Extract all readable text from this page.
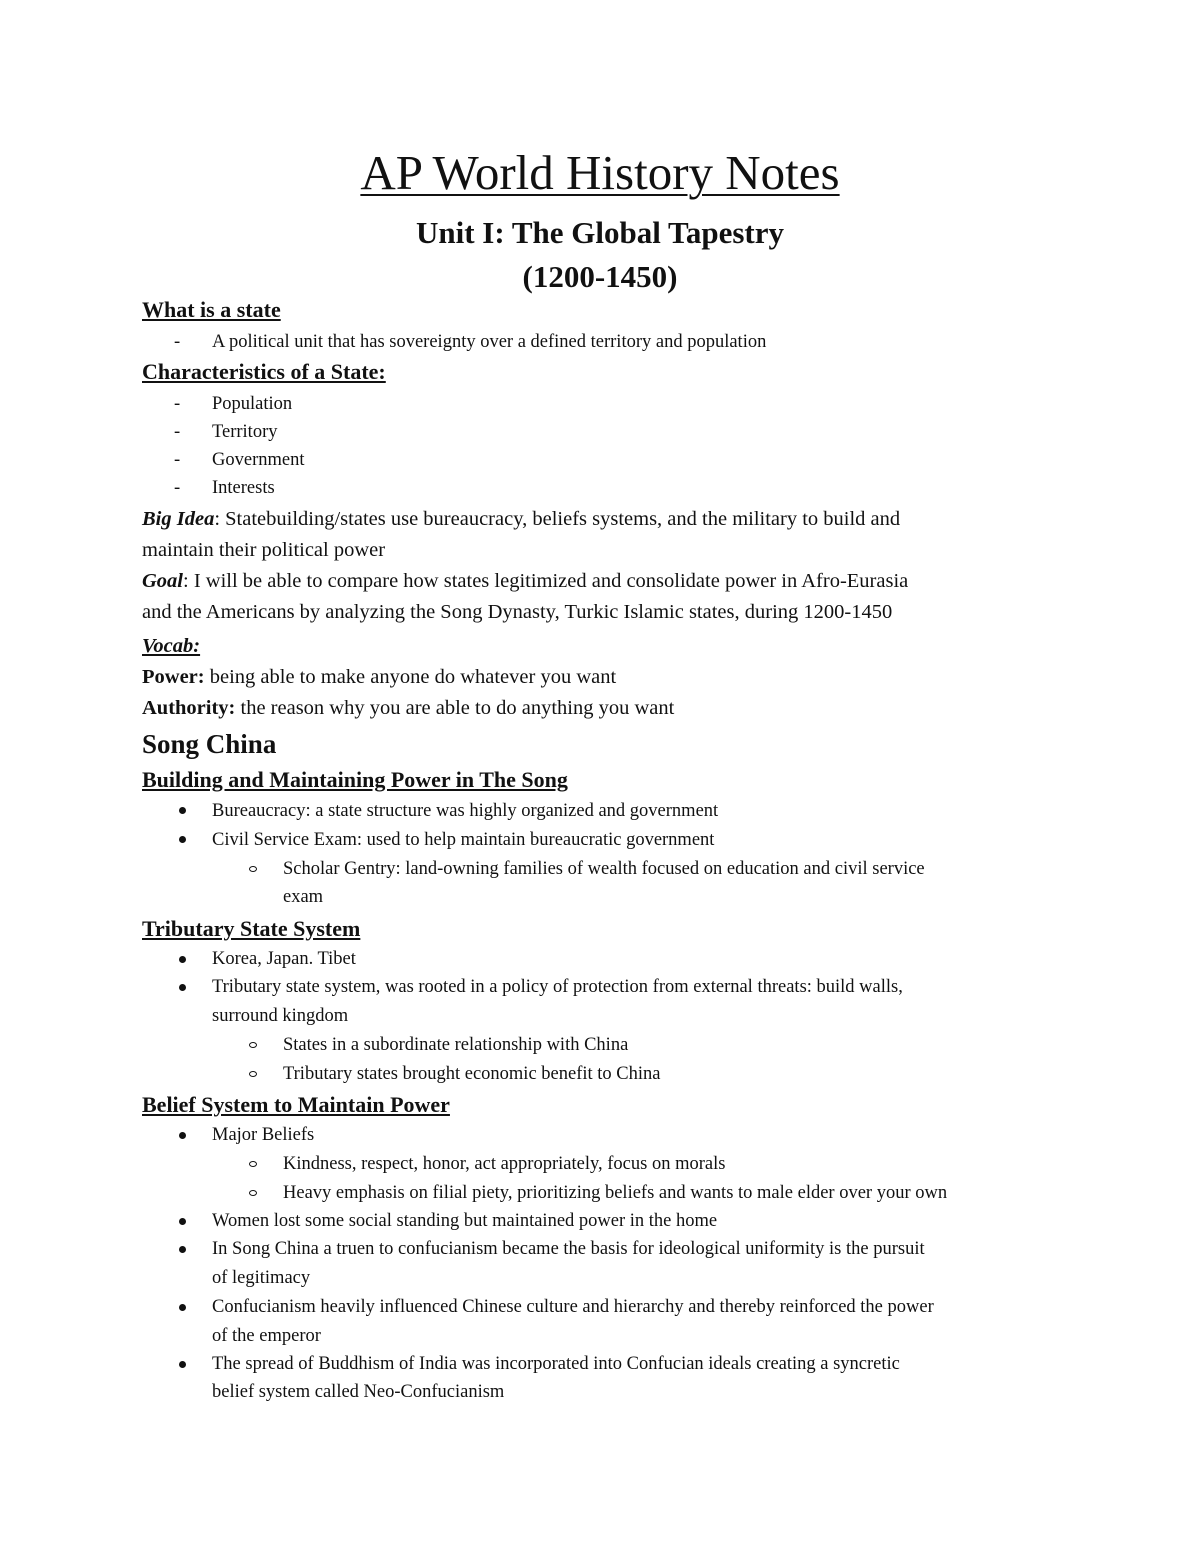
AP World History Notes
Unit I: The Global Tapestry
(1200-1450)
What is a state
- A political unit that has sovereignty over a defined territory and population
Characteristics of a State:
- Population
- Territory
- Government
- Interests
Big Idea: Statebuilding/states use bureaucracy, beliefs systems, and the military to build and
maintain their political power
Goal: I will be able to compare how states legitimized and consolidate power in Afro-Eurasia
and the Americans by analyzing the Song Dynasty, Turkic Islamic states, during 1200-1450
Vocab:
Power: being able to make anyone do whatever you want
Authority: the reason why you are able to do anything you want
Song China
Building and Maintaining Power in The Song
Bureaucracy: a state structure was highly organized and government
Civil Service Exam: used to help maintain bureaucratic government
Scholar Gentry: land-owning families of wealth focused on education and civil service
exam
Tributary State System
Korea, Japan. Tibet
Tributary state system, was rooted in a policy of protection from external threats: build walls,
surround kingdom
States in a subordinate relationship with China
Tributary states brought economic benefit to China
Belief System to Maintain Power
Major Beliefs
Kindness, respect, honor, act appropriately, focus on morals
Heavy emphasis on filial piety, prioritizing beliefs and wants to male elder over your own
Women lost some social standing but maintained power in the home
In Song China a truen to confucianism became the basis for ideological uniformity is the pursuit
of legitimacy
Confucianism heavily influenced Chinese culture and hierarchy and thereby reinforced the power
of the emperor
The spread of Buddhism of India was incorporated into Confucian ideals creating a syncretic
belief system called Neo-Confucianism
